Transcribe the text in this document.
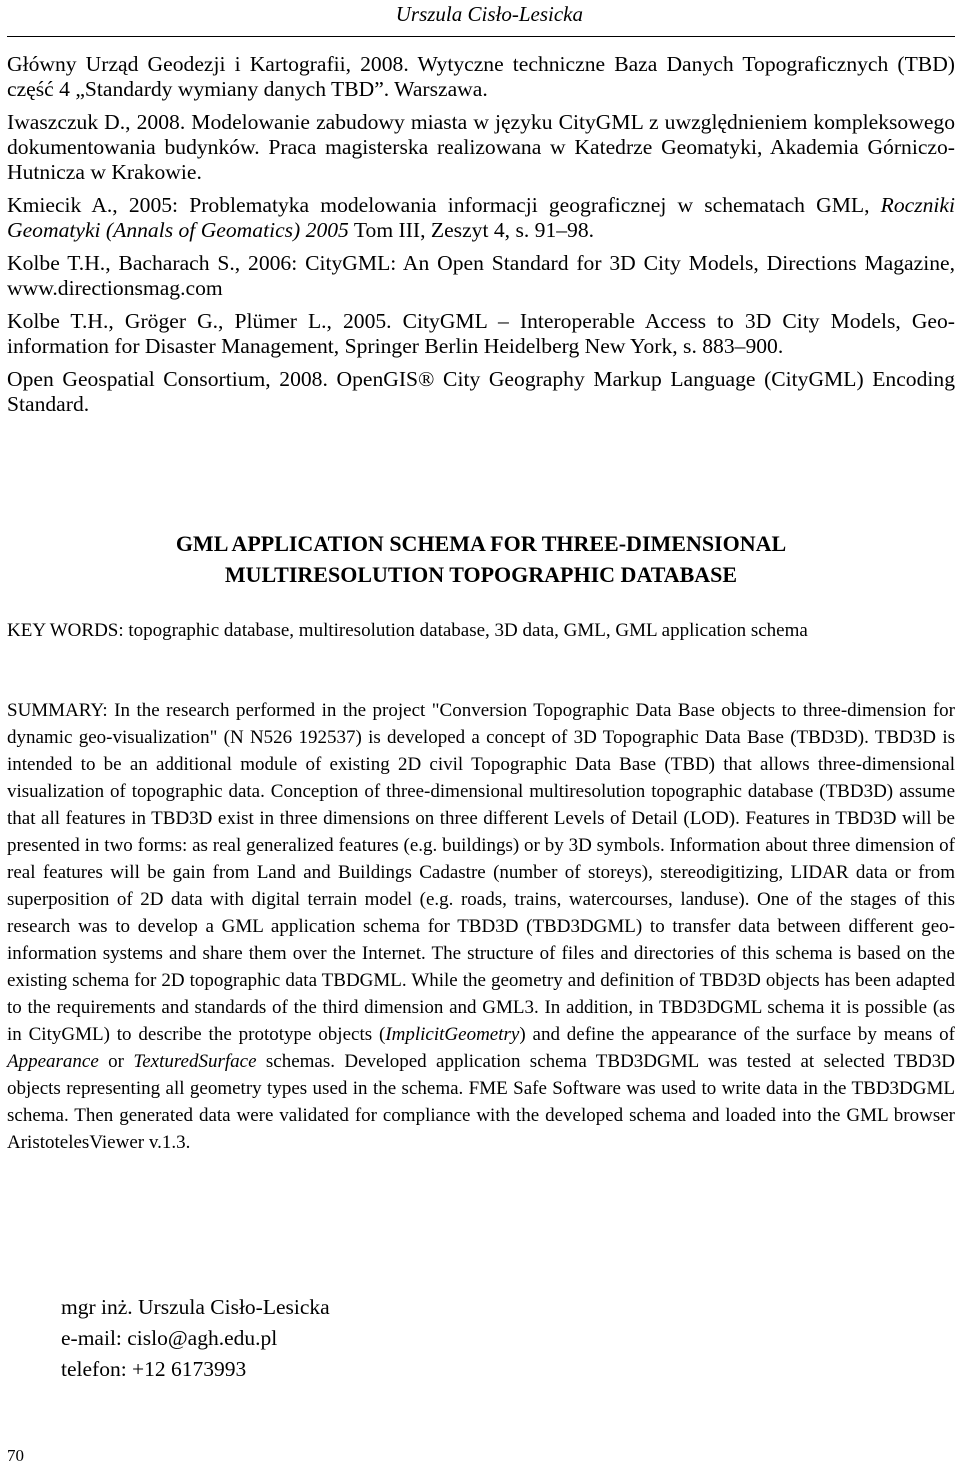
Urszula Cisło-Lesicka
Główny Urząd Geodezji i Kartografii, 2008. Wytyczne techniczne Baza Danych Topograficznych (TBD) część 4 „Standardy wymiany danych TBD”. Warszawa.
Iwaszczuk D., 2008. Modelowanie zabudowy miasta w języku CityGML z uwzględnieniem kompleksowego dokumentowania budynków. Praca magisterska realizowana w Katedrze Geomatyki, Akademia Górniczo-Hutnicza w Krakowie.
Kmiecik A., 2005: Problematyka modelowania informacji geograficznej w schematach GML, Roczniki Geomatyki (Annals of Geomatics) 2005 Tom III, Zeszyt 4, s. 91–98.
Kolbe T.H., Bacharach S., 2006: CityGML: An Open Standard for 3D City Models, Directions Magazine, www.directionsmag.com
Kolbe T.H., Gröger G., Plümer L., 2005. CityGML – Interoperable Access to 3D City Models, Geo-information for Disaster Management, Springer Berlin Heidelberg New York, s. 883–900.
Open Geospatial Consortium, 2008. OpenGIS® City Geography Markup Language (CityGML) Encoding Standard.
GML APPLICATION SCHEMA FOR THREE-DIMENSIONAL
MULTIRESOLUTION TOPOGRAPHIC DATABASE
KEY WORDS: topographic database, multiresolution database, 3D data, GML, GML application schema
SUMMARY: In the research performed in the project "Conversion Topographic Data Base objects to three-dimension for dynamic geo-visualization" (N N526 192537) is developed a concept of 3D Topographic Data Base (TBD3D). TBD3D is intended to be an additional module of existing 2D civil Topographic Data Base (TBD) that allows three-dimensional visualization of topographic data. Conception of three-dimensional multiresolution topographic database (TBD3D) assume that all features in TBD3D exist in three dimensions on three different Levels of Detail (LOD). Features in TBD3D will be presented in two forms: as real generalized features (e.g. buildings) or by 3D symbols. Information about three dimension of real features will be gain from Land and Buildings Cadastre (number of storeys), stereodigitizing, LIDAR data or from superposition of 2D data with digital terrain model (e.g. roads, trains, watercourses, landuse). One of the stages of this research was to develop a GML application schema for TBD3D (TBD3DGML) to transfer data between different geo-information systems and share them over the Internet. The structure of files and directories of this schema is based on the existing schema for 2D topographic data TBDGML. While the geometry and definition of TBD3D objects has been adapted to the requirements and standards of the third dimension and GML3. In addition, in TBD3DGML schema it is possible (as in CityGML) to describe the prototype objects (ImplicitGeometry) and define the appearance of the surface by means of Appearance or TexturedSurface schemas. Developed application schema TBD3DGML was tested at selected TBD3D objects representing all geometry types used in the schema. FME Safe Software was used to write data in the TBD3DGML schema. Then generated data were validated for compliance with the developed schema and loaded into the GML browser AristotelesViewer v.1.3.
mgr inż. Urszula Cisło-Lesicka
e-mail: cislo@agh.edu.pl
telefon: +12 6173993
70
